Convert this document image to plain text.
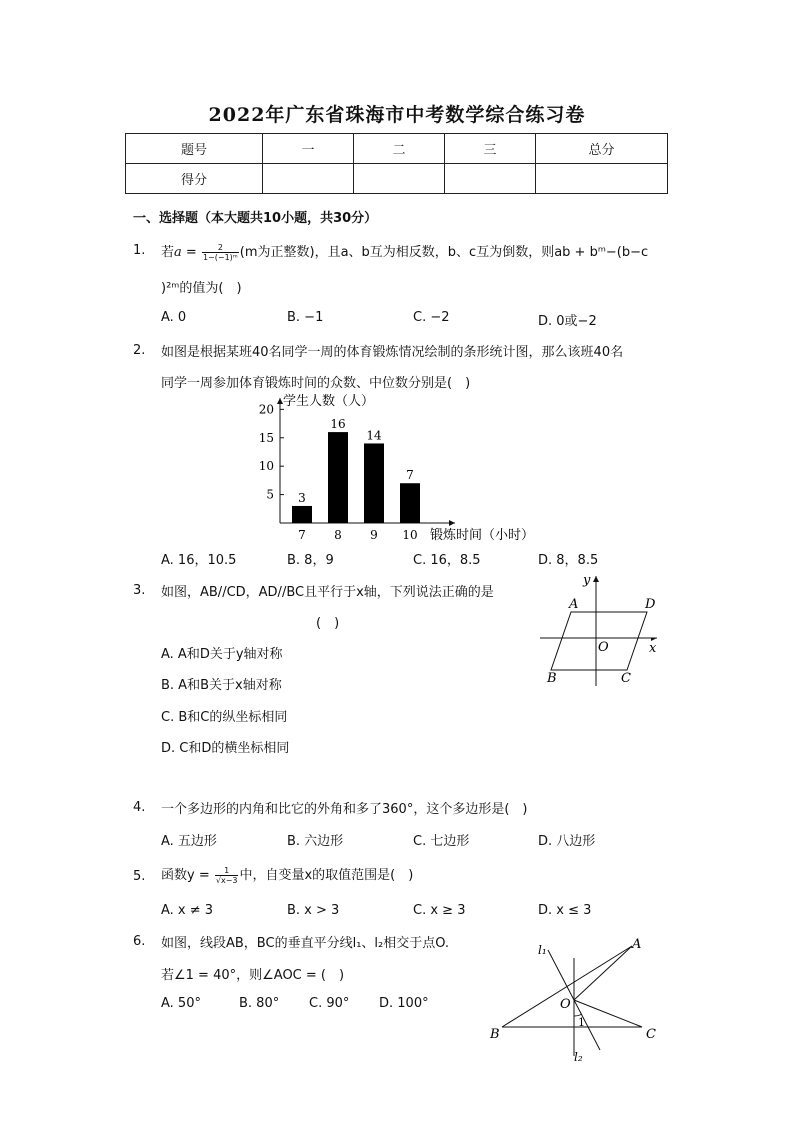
2022年广东省珠海市中考数学综合练习卷
题号	一	二	三	总分
得分				
一、选择题（本大题共10小题，共30分）
1. 若$a = \frac{2}{\text{1−(−1)ᵐ}} (m$为正整数)，且a、b互为相反数，b、c互为倒数，则ab + bᵐ−(b−c
)²ᵐ的值为(　)
A. 0	B. −1	C. −2	D. 0或−2
2. 如图是根据某班40名同学一周的体育锻炼情况绘制的条形统计图，那么该班40名
同学一周参加体育锻炼时间的众数、中位数分别是(　)
5
10
15
20
学生人数（人）
锻炼时间（小时）
3
7
16
8
14
9
7
10
A. 16，10.5	B. 8，9	C. 16，8.5	D. 8，8.5
3. 如图，AB//CD，AD//BC且平行于x轴，下列说法正确的是
(　)
A. A和D关于y轴对称
B. A和B关于x轴对称
C. B和C的纵坐标相同
D. C和D的横坐标相同
A	D
B	C
O	x
y
4. 一个多边形的内角和比它的外角和多了360°，这个多边形是(　)
A. 五边形	B. 六边形	C. 七边形	D. 八边形
5. 函数$y = \frac{1}{√x-3}$ 中，自变量x的取值范围是(　)
A. x ≠ 3	B. x > 3	C. x ≥ 3	D. x ≤ 3
6. 如图，线段AB，BC的垂直平分线l₁、l₂相交于点O.
若∠1 = 40°，则∠AOC = (　)
A. 50°	B. 80° C. 90° D. 100°
l₁
l₂
A
B	C
O
1
